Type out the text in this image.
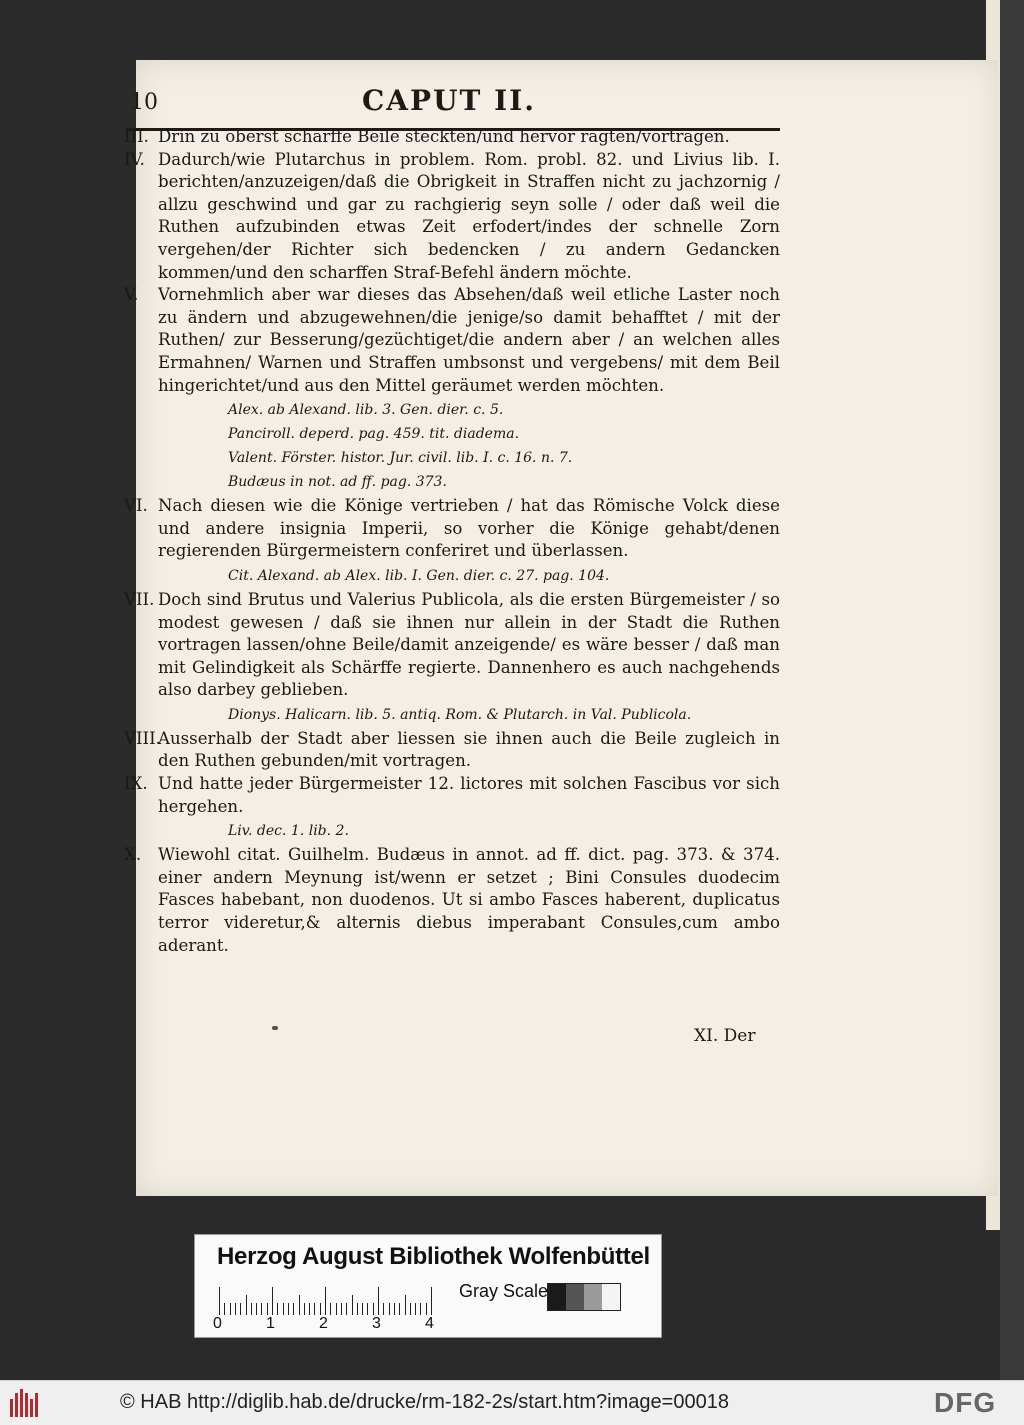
10	CAPUT II.

III. Drin zu oberst scharffe Beile steckten/und hervor ragten/vortragen.

IV. Dadurch/wie Plutarchus in problem. Rom. probl. 82. und Livius lib. I. berichten/anzuzeigen/daß die Obrigkeit in Straffen nicht zu jachzornig / allzu geschwind und gar zu rachgierig seyn solle / oder daß weil die Ruthen aufzubinden etwas Zeit erfodert/indes der schnelle Zorn vergehen/der Richter sich bedencken / zu andern Gedancken kommen/und den scharffen Straf-Befehl ändern möchte.

V. Vornehmlich aber war dieses das Absehen/daß weil etliche Laster noch zu ändern und abzugewehnen/die jenige/so damit behafftet / mit der Ruthen/ zur Besserung/gezüchtiget/die andern aber / an welchen alles Ermahnen/ Warnen und Straffen umbsonst und vergebens/ mit dem Beil hingerichtet/und aus den Mittel geräumet werden möchten.

Alex. ab Alexand. lib. 3. Gen. dier. c. 5.
Panciroll. deperd. pag. 459. tit. diadema.
Valent. Förster. histor. Jur. civil. lib. I. c. 16. n. 7.
Budæus in not. ad ff. pag. 373.

VI. Nach diesen wie die Könige vertrieben / hat das Römische Volck diese und andere insignia Imperii, so vorher die Könige gehabt/denen regierenden Bürgermeistern conferiret und überlassen.

Cit. Alexand. ab Alex. lib. I. Gen. dier. c. 27. pag. 104.

VII. Doch sind Brutus und Valerius Publicola, als die ersten Bürgemeister / so modest gewesen / daß sie ihnen nur allein in der Stadt die Ruthen vortragen lassen/ohne Beile/damit anzeigende/ es wäre besser / daß man mit Gelindigkeit als Schärffe regierte. Dannenhero es auch nachgehends also darbey geblieben.

Dionys. Halicarn. lib. 5. antiq. Rom. & Plutarch. in Val. Publicola.

VIII.
Ausserhalb der Stadt aber liessen sie ihnen auch die Beile zugleich in den Ruthen gebunden/mit vortragen.

IX. Und hatte jeder Bürgermeister 12. lictores mit solchen Fascibus vor sich hergehen.

Liv. dec. 1. lib. 2.

X. Wiewohl citat. Guilhelm. Budæus in annot. ad ff. dict. pag. 373. & 374. einer andern Meynung ist/wenn er setzet ; Bini Consules duodecim Fasces habebant, non duodenos. Ut si ambo Fasces haberent, duplicatus terror videretur,& alternis diebus imperabant Consules,cum ambo aderant.

XI. Der
Herzog August Bibliothek Wolfenbüttel
0	1	2	3	4
Gray Scale
© HAB http://diglib.hab.de/drucke/rm-182-2s/start.htm?image=00018	DFG
